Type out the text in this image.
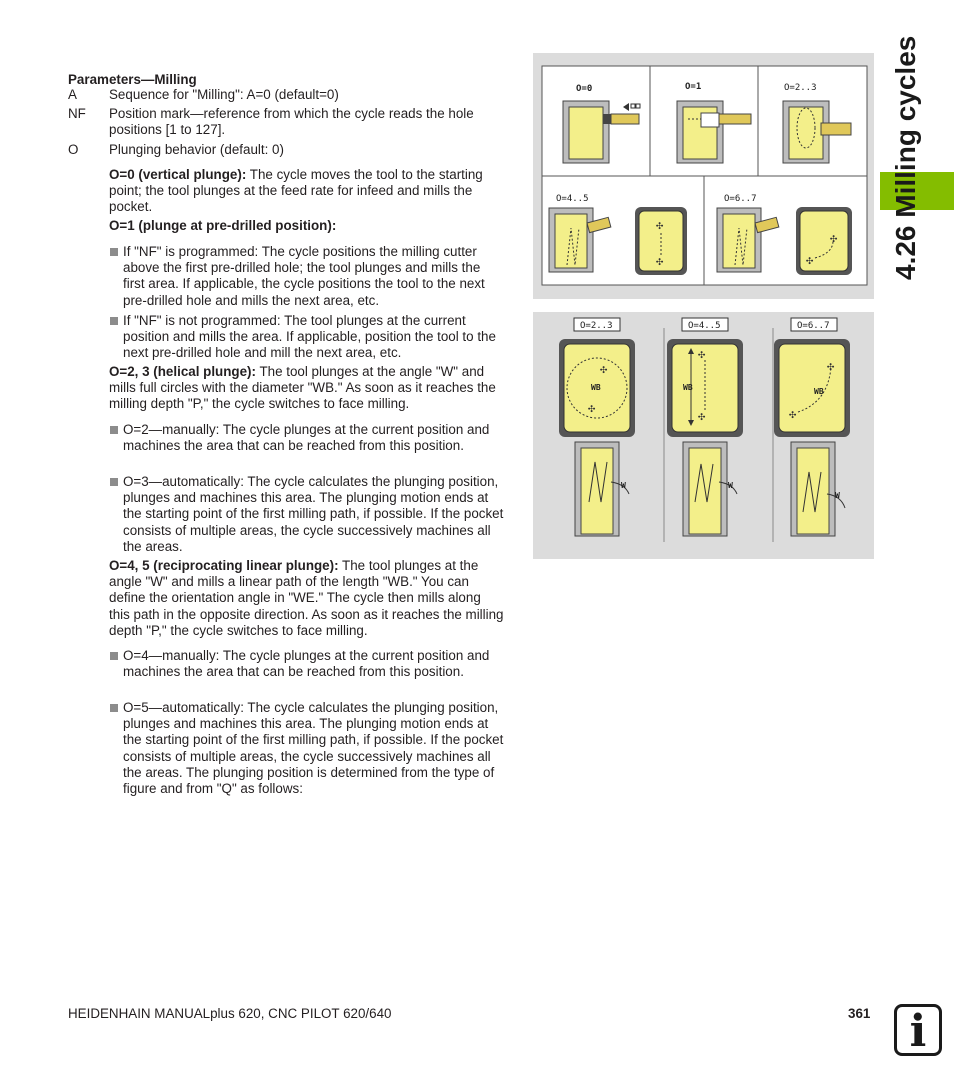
4.26 Milling cycles
Parameters—Milling
A Sequence for "Milling": A=0 (default=0)
NF Position mark—reference from which the cycle reads the hole positions [1 to 127].
O Plunging behavior (default: 0)
O=0 (vertical plunge): The cycle moves the tool to the starting point; the tool plunges at the feed rate for infeed and mills the pocket.
O=1 (plunge at pre-drilled position):
If "NF" is programmed: The cycle positions the milling cutter above the first pre-drilled hole; the tool plunges and mills the first area. If applicable, the cycle positions the tool to the next pre-drilled hole and mills the next area, etc.
If "NF" is not programmed: The tool plunges at the current position and mills the area. If applicable, position the tool to the next pre-drilled hole and mill the next area, etc.
O=2, 3 (helical plunge): The tool plunges at the angle "W" and mills full circles with the diameter "WB." As soon as it reaches the milling depth "P," the cycle switches to face milling.
O=2—manually: The cycle plunges at the current position and machines the area that can be reached from this position.
O=3—automatically: The cycle calculates the plunging position, plunges and machines this area. The plunging motion ends at the starting point of the first milling path, if possible. If the pocket consists of multiple areas, the cycle successively machines all the areas.
O=4, 5 (reciprocating linear plunge): The tool plunges at the angle "W" and mills a linear path of the length "WB." You can define the orientation angle in "WE." The cycle then mills along this path in the opposite direction. As soon as it reaches the milling depth "P," the cycle switches to face milling.
O=4—manually: The cycle plunges at the current position and machines the area that can be reached from this position.
O=5—automatically: The cycle calculates the plunging position, plunges and machines this area. The plunging motion ends at the starting point of the first milling path, if possible. If the pocket consists of multiple areas, the cycle successively machines all the areas. The plunging position is determined from the type of figure and from "Q" as follows:
O=0	O=1	O=2..3
O=4..5
✣
✣
O=6..7
✣
✣
O=2..3	O=4..5	O=6..7
✣
✣
WB
✣
✣
WB
✣
✣
WB
W	W
W
HEIDENHAIN MANUALplus 620, CNC PILOT 620/640	361 i
